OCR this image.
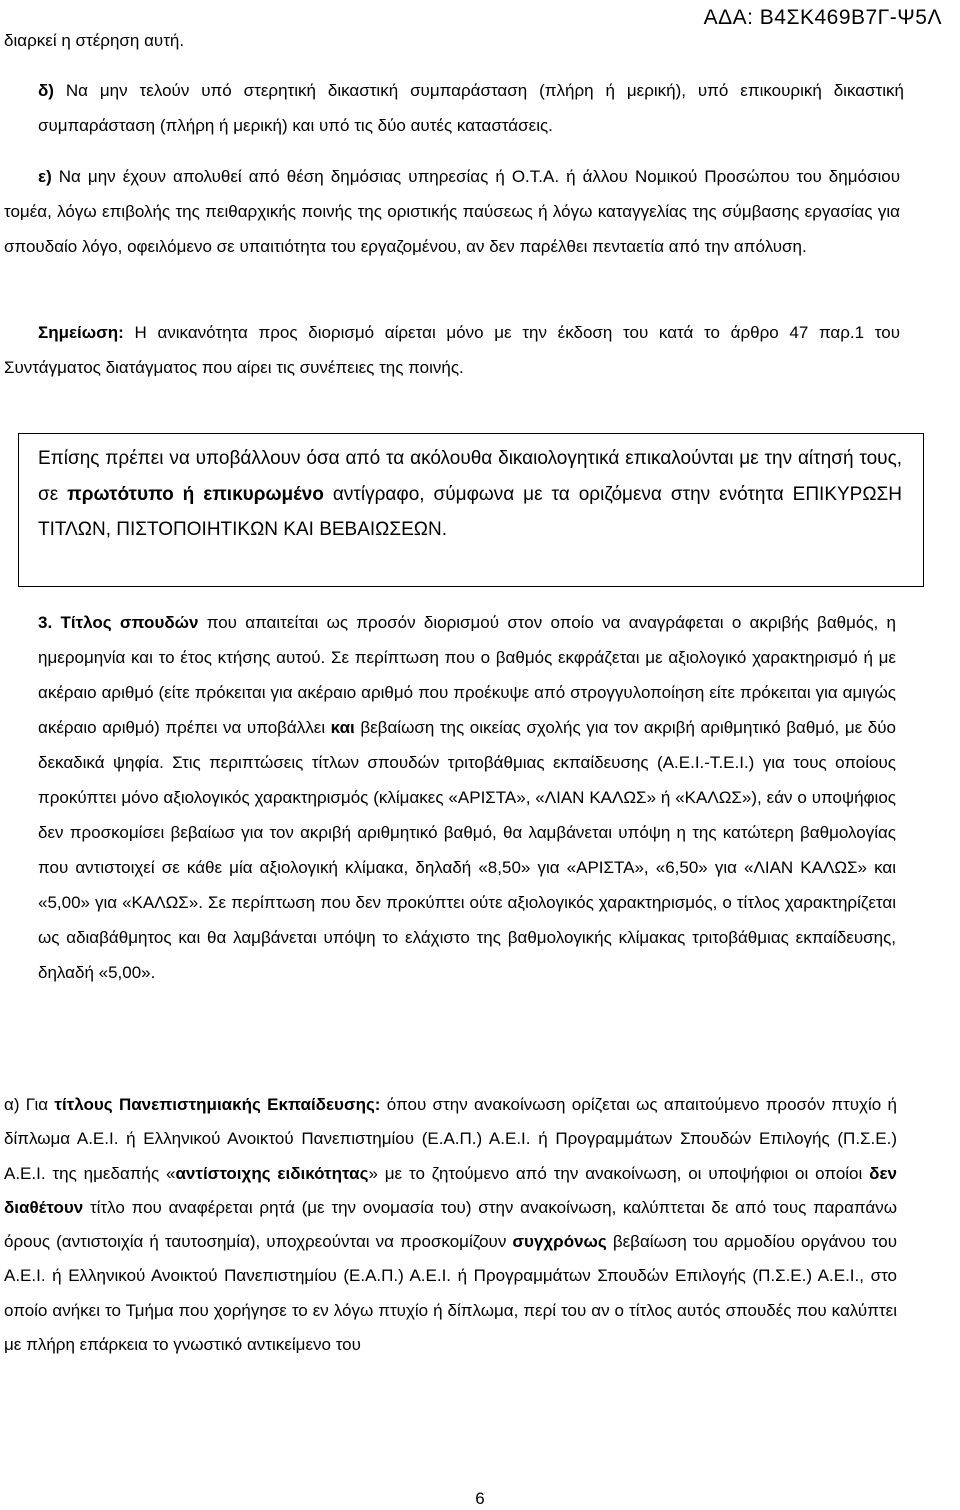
ΑΔΑ: Β4ΣΚ469Β7Γ-Ψ5Λ

διαρκεί η στέρηση αυτή.

δ) Να μην τελούν υπό στερητική δικαστική συμπαράσταση (πλήρη ή μερική), υπό επικουρική δικαστική συμπαράσταση (πλήρη ή μερική) και υπό τις δύο αυτές καταστάσεις.

ε) Να μην έχουν απολυθεί από θέση δημόσιας υπηρεσίας ή Ο.Τ.Α. ή άλλου Νομικού Προσώπου του δημόσιου τομέα, λόγω επιβολής της πειθαρχικής ποινής της οριστικής παύσεως ή λόγω καταγγελίας της σύμβασης εργασίας για σπουδαίο λόγο, οφειλόμενο σε υπαιτιότητα του εργαζομένου, αν δεν παρέλθει πενταετία από την απόλυση.

Σημείωση: Η ανικανότητα προς διορισμό αίρεται μόνο με την έκδοση του κατά το άρθρο 47 παρ.1 του Συντάγματος διατάγματος που αίρει τις συνέπειες της ποινής.

Επίσης πρέπει να υποβάλλουν όσα από τα ακόλουθα δικαιολογητικά επικαλούνται με την αίτησή τους, σε πρωτότυπο ή επικυρωμένο αντίγραφο, σύμφωνα με τα οριζόμενα στην ενότητα ΕΠΙΚΥΡΩΣΗ ΤΙΤΛΩΝ, ΠΙΣΤΟΠΟΙΗΤΙΚΩΝ ΚΑΙ ΒΕΒΑΙΩΣΕΩΝ.

3. Τίτλος σπουδών που απαιτείται ως προσόν διορισμού στον οποίο να αναγράφεται ο ακριβής βαθμός, η ημερομηνία και το έτος κτήσης αυτού. Σε περίπτωση που ο βαθμός εκφράζεται με αξιολογικό χαρακτηρισμό ή με ακέραιο αριθμό (είτε πρόκειται για ακέραιο αριθμό που προέκυψε από στρογγυλοποίηση είτε πρόκειται για αμιγώς ακέραιο αριθμό) πρέπει να υποβάλλει και βεβαίωση της οικείας σχολής για τον ακριβή αριθμητικό βαθμό, με δύο δεκαδικά ψηφία. Στις περιπτώσεις τίτλων σπουδών τριτοβάθμιας εκπαίδευσης (Α.Ε.Ι.-Τ.Ε.Ι.) για τους οποίους προκύπτει μόνο αξιολογικός χαρακτηρισμός (κλίμακες «ΑΡΙΣΤΑ», «ΛΙΑΝ ΚΑΛΩΣ» ή «ΚΑΛΩΣ»), εάν ο υποψήφιος δεν προσκομίσει βεβαίωσ για τον ακριβή αριθμητικό βαθμό, θα λαμβάνεται υπόψη η της κατώτερη βαθμολογίας που αντιστοιχεί σε κάθε μία αξιολογική κλίμακα, δηλαδή «8,50» για «ΑΡΙΣΤΑ», «6,50» για «ΛΙΑΝ ΚΑΛΩΣ» και «5,00» για «ΚΑΛΩΣ». Σε περίπτωση που δεν προκύπτει ούτε αξιολογικός χαρακτηρισμός, ο τίτλος χαρακτηρίζεται ως αδιαβάθμητος και θα λαμβάνεται υπόψη το ελάχιστο της βαθμολογικής κλίμακας τριτοβάθμιας εκπαίδευσης, δηλαδή «5,00».

α) Για τίτλους Πανεπιστημιακής Εκπαίδευσης: όπου στην ανακοίνωση ορίζεται ως απαιτούμενο προσόν πτυχίο ή δίπλωμα Α.Ε.Ι. ή Ελληνικού Ανοικτού Πανεπιστημίου (Ε.Α.Π.) Α.Ε.Ι. ή Προγραμμάτων Σπουδών Επιλογής (Π.Σ.Ε.) Α.Ε.Ι. της ημεδαπής «αντίστοιχης ειδικότητας» με το ζητούμενο από την ανακοίνωση, οι υποψήφιοι οι οποίοι δεν διαθέτουν τίτλο που αναφέρεται ρητά (με την ονομασία του) στην ανακοίνωση, καλύπτεται δε από τους παραπάνω όρους (αντιστοιχία ή ταυτοσημία), υποχρεούνται να προσκομίζουν συγχρόνως βεβαίωση του αρμοδίου οργάνου του Α.Ε.Ι. ή Ελληνικού Ανοικτού Πανεπιστημίου (Ε.Α.Π.) Α.Ε.Ι. ή Προγραμμάτων Σπουδών Επιλογής (Π.Σ.Ε.) Α.Ε.Ι., στο οποίο ανήκει το Τμήμα που χορήγησε το εν λόγω πτυχίο ή δίπλωμα, περί του αν ο τίτλος αυτός σπουδές που καλύπτει με πλήρη επάρκεια το γνωστικό αντικείμενο του

6
